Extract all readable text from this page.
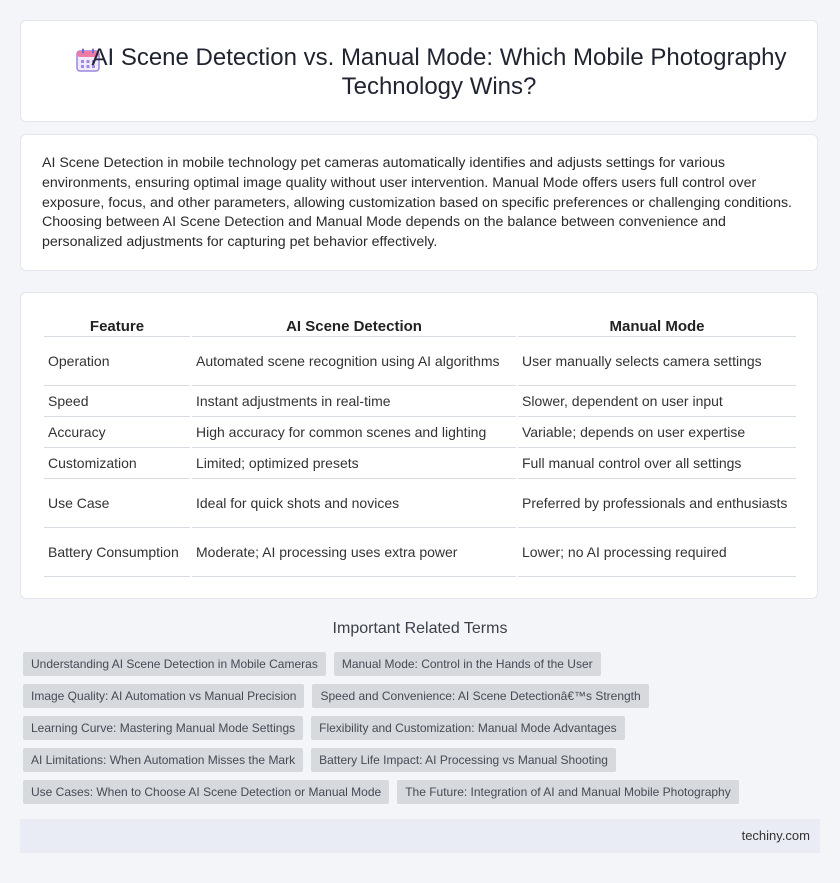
AI Scene Detection vs. Manual Mode: Which Mobile Photography Technology Wins?

AI Scene Detection in mobile technology pet cameras automatically identifies and adjusts settings for various environments, ensuring optimal image quality without user intervention. Manual Mode offers users full control over exposure, focus, and other parameters, allowing customization based on specific preferences or challenging conditions. Choosing between AI Scene Detection and Manual Mode depends on the balance between convenience and personalized adjustments for capturing pet behavior effectively.

Feature	AI Scene Detection	Manual Mode
Operation	Automated scene recognition using AI algorithms	User manually selects camera settings
Speed	Instant adjustments in real-time	Slower, dependent on user input
Accuracy	High accuracy for common scenes and lighting	Variable; depends on user expertise
Customization	Limited; optimized presets	Full manual control over all settings
Use Case	Ideal for quick shots and novices	Preferred by professionals and enthusiasts
Battery Consumption	Moderate; AI processing uses extra power	Lower; no AI processing required
Important Related Terms
Understanding AI Scene Detection in Mobile Cameras	Manual Mode: Control in the Hands of the User
Image Quality: AI Automation vs Manual Precision	Speed and Convenience: AI Scene Detectionâ€™s Strength
Learning Curve: Mastering Manual Mode Settings	Flexibility and Customization: Manual Mode Advantages
AI Limitations: When Automation Misses the Mark	Battery Life Impact: AI Processing vs Manual Shooting
Use Cases: When to Choose AI Scene Detection or Manual Mode	The Future: Integration of AI and Manual Mobile Photography
techiny.com
